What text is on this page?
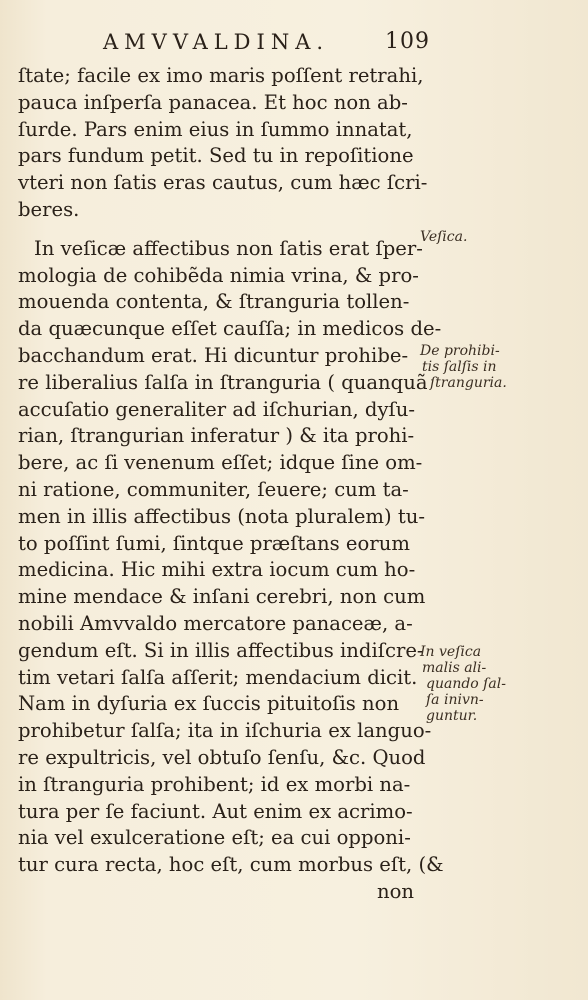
AMVVALDINA.	109
ſtate; facile ex imo maris poſſent retrahi,
pauca inſperſa panacea. Et hoc non ab-
ſurde. Pars enim eius in ſummo innatat,
pars fundum petit. Sed tu in repoſitione
vteri non ſatis eras cautus, cum hæc ſcri-
beres.
In veſicæ affectibus non ſatis erat ſper-
mologia de cohibẽda nimia vrina, & pro-
mouenda contenta, & ſtranguria tollen-
da quæcunque eſſet cauſſa; in medicos de-
bacchandum erat. Hi dicuntur prohibe-
re liberalius ſalſa in ſtranguria ( quanquã
accuſatio generaliter ad iſchurian, dyſu-
rian, ſtrangurian inferatur ) & ita prohi-
bere, ac ſi venenum eſſet; idque ſine om-
ni ratione, communiter, ſeuere; cum ta-
men in illis affectibus (nota pluralem) tu-
to poſſint ſumi, ſintque præſtans eorum
medicina. Hic mihi extra iocum cum ho-
mine mendace & inſani cerebri, non cum
nobili Amvvaldo mercatore panaceæ, a-
gendum eſt. Si in illis affectibus indiſcre-
tim vetari ſalſa aſſerit; mendacium dicit.
Nam in dyſuria ex ſuccis pituitoſis non
prohibetur ſalſa; ita in iſchuria ex languo-
re expultricis, vel obtuſo ſenſu, &c. Quod
in ſtranguria prohibent; id ex morbi na-
tura per ſe faciunt. Aut enim ex acrimo-
nia vel exulceratione eſt; ea cui opponi-
tur cura recta, hoc eſt, cum morbus eſt, (&
non
Veſica.
De prohibi-
tis ſalſis in
ſtranguria.
In veſica
malis ali-
quando ſal-
ſa inivn-
guntur.
